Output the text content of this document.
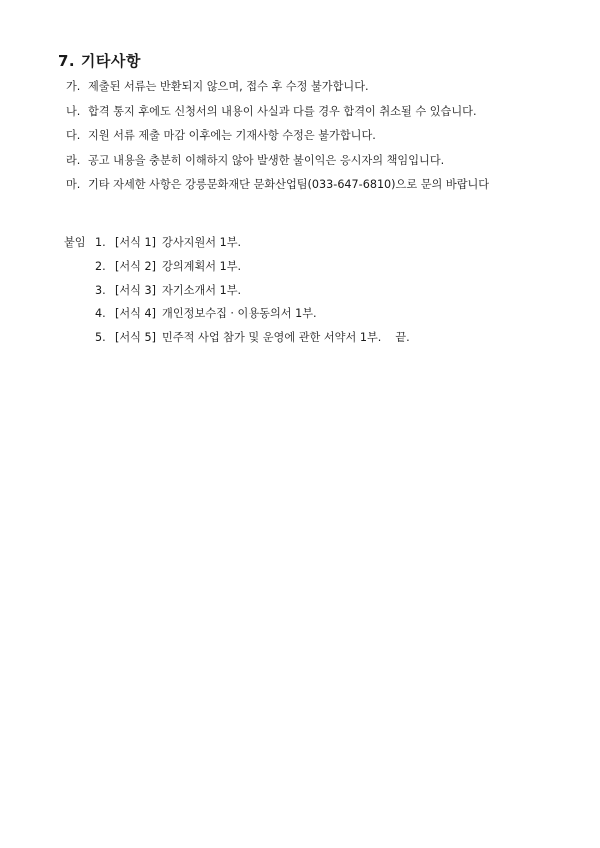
7. 기타사항
가. 제출된 서류는 반환되지 않으며, 접수 후 수정 불가합니다.
나. 합격 통지 후에도 신청서의 내용이 사실과 다를 경우 합격이 취소될 수 있습니다.
다. 지원 서류 제출 마감 이후에는 기재사항 수정은 불가합니다.
라. 공고 내용을 충분히 이해하지 않아 발생한 불이익은 응시자의 책임입니다.
마. 기타 자세한 사항은 강릉문화재단 문화산업팀(033-647-6810)으로 문의 바랍니다
붙임 1. [서식 1] 강사지원서 1부.
2. [서식 2] 강의계획서 1부.
3. [서식 3] 자기소개서 1부.
4. [서식 4] 개인정보수집 · 이용동의서 1부.
5. [서식 5] 민주적 사업 참가 및 운영에 관한 서약서 1부. 끝.
